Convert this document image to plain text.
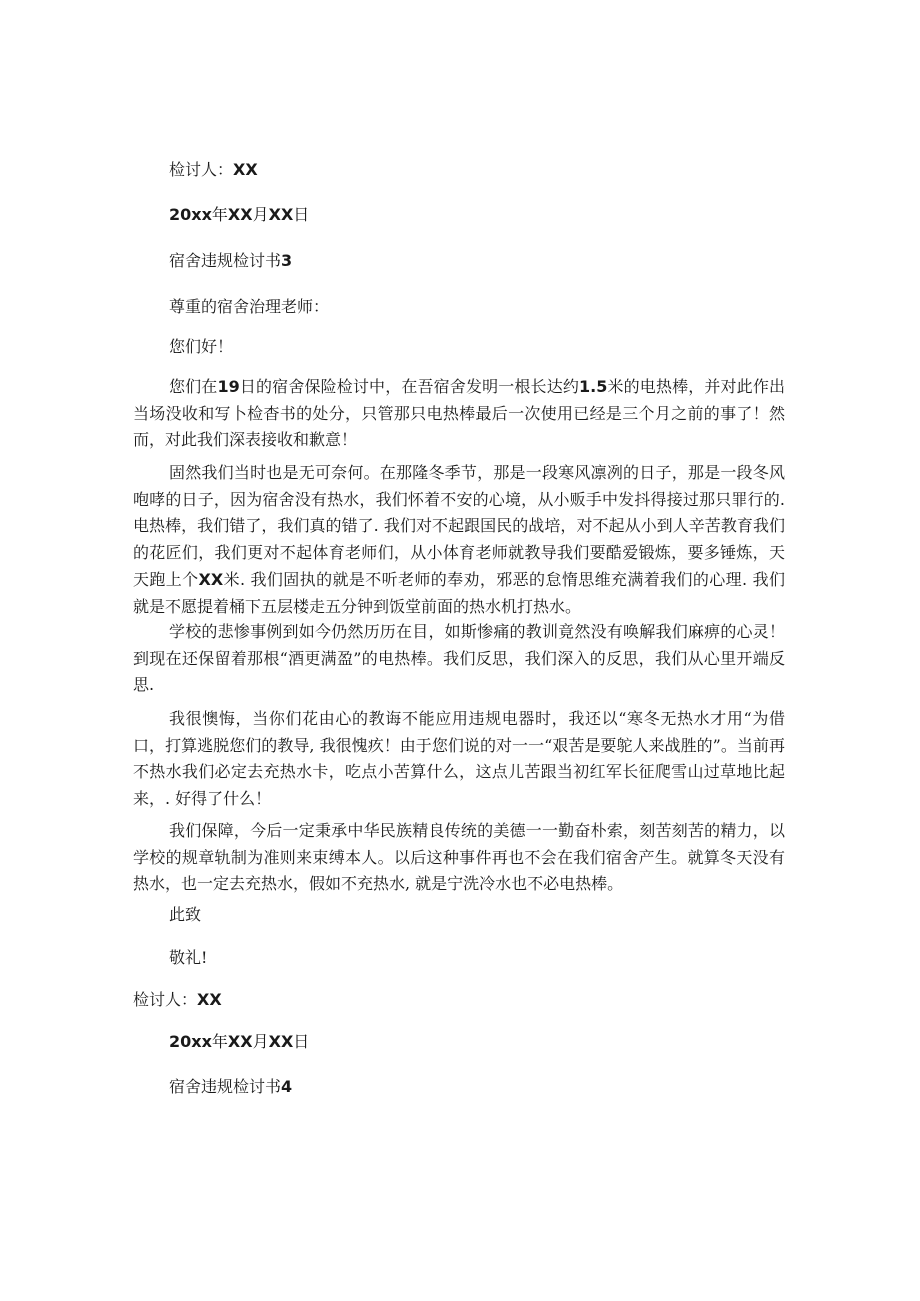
检讨人：XX
20xx年XX月XX日
宿舍违规检讨书3
尊重的宿舍治理老师：
您们好！
您们在19日的宿舍保险检讨中，在吾宿舍发明一根长达约1.5米的电热棒，并对此作出当场没收和写卜检杳书的处分，只管那只电热棒最后一次使用已经是三个月之前的事了！然而，对此我们深表接收和歉意！
固然我们当时也是无可奈何。在那隆冬季节，那是一段寒风凛冽的日子，那是一段冬风咆哮的日子，因为宿舍没有热水，我们怀着不安的心境，从小贩手中发抖得接过那只罪行的. 电热棒，我们错了，我们真的错了. 我们对不起跟国民的战培，对不起从小到人辛苦教育我们的花匠们，我们更对不起体育老师们，从小体育老师就教导我们要酷爱锻炼，要多锤炼，天天跑上个XX米. 我们固执的就是不听老师的奉劝，邪恶的怠惰思维充满着我们的心理. 我们就是不愿提着桶下五层楼走五分钟到饭堂前面的热水机打热水。
学校的悲惨事例到如今仍然历历在目，如斯惨痛的教训竟然没有唤解我们麻痹的心灵！到现在还保留着那根“酒更满盈”的电热棒。我们反思，我们深入的反思，我们从心里开端反思.
我很懊悔，当你们花由心的教诲不能应用违规电器时，我还以“寒冬无热水才用“为借口，打算逃脱您们的教导, 我很愧疚！由于您们说的对一一“艰苦是要鸵人来战胜的”。当前再不热水我们必定去充热水卡，吃点小苦算什么，这点儿苦跟当初红军长征爬雪山过草地比起来，. 好得了什么！
我们保障，今后一定秉承中华民族精良传统的美德一一勤奋朴索，刻苦刻苦的精力，以学校的规章轨制为准则来束缚本人。以后这种事件再也不会在我们宿舍产生。就算冬天没有热水，也一定去充热水，假如不充热水, 就是宁洗冷水也不必电热棒。
此致
敬礼!
检讨人：XX
20xx年XX月XX日
宿舍违规检讨书4
